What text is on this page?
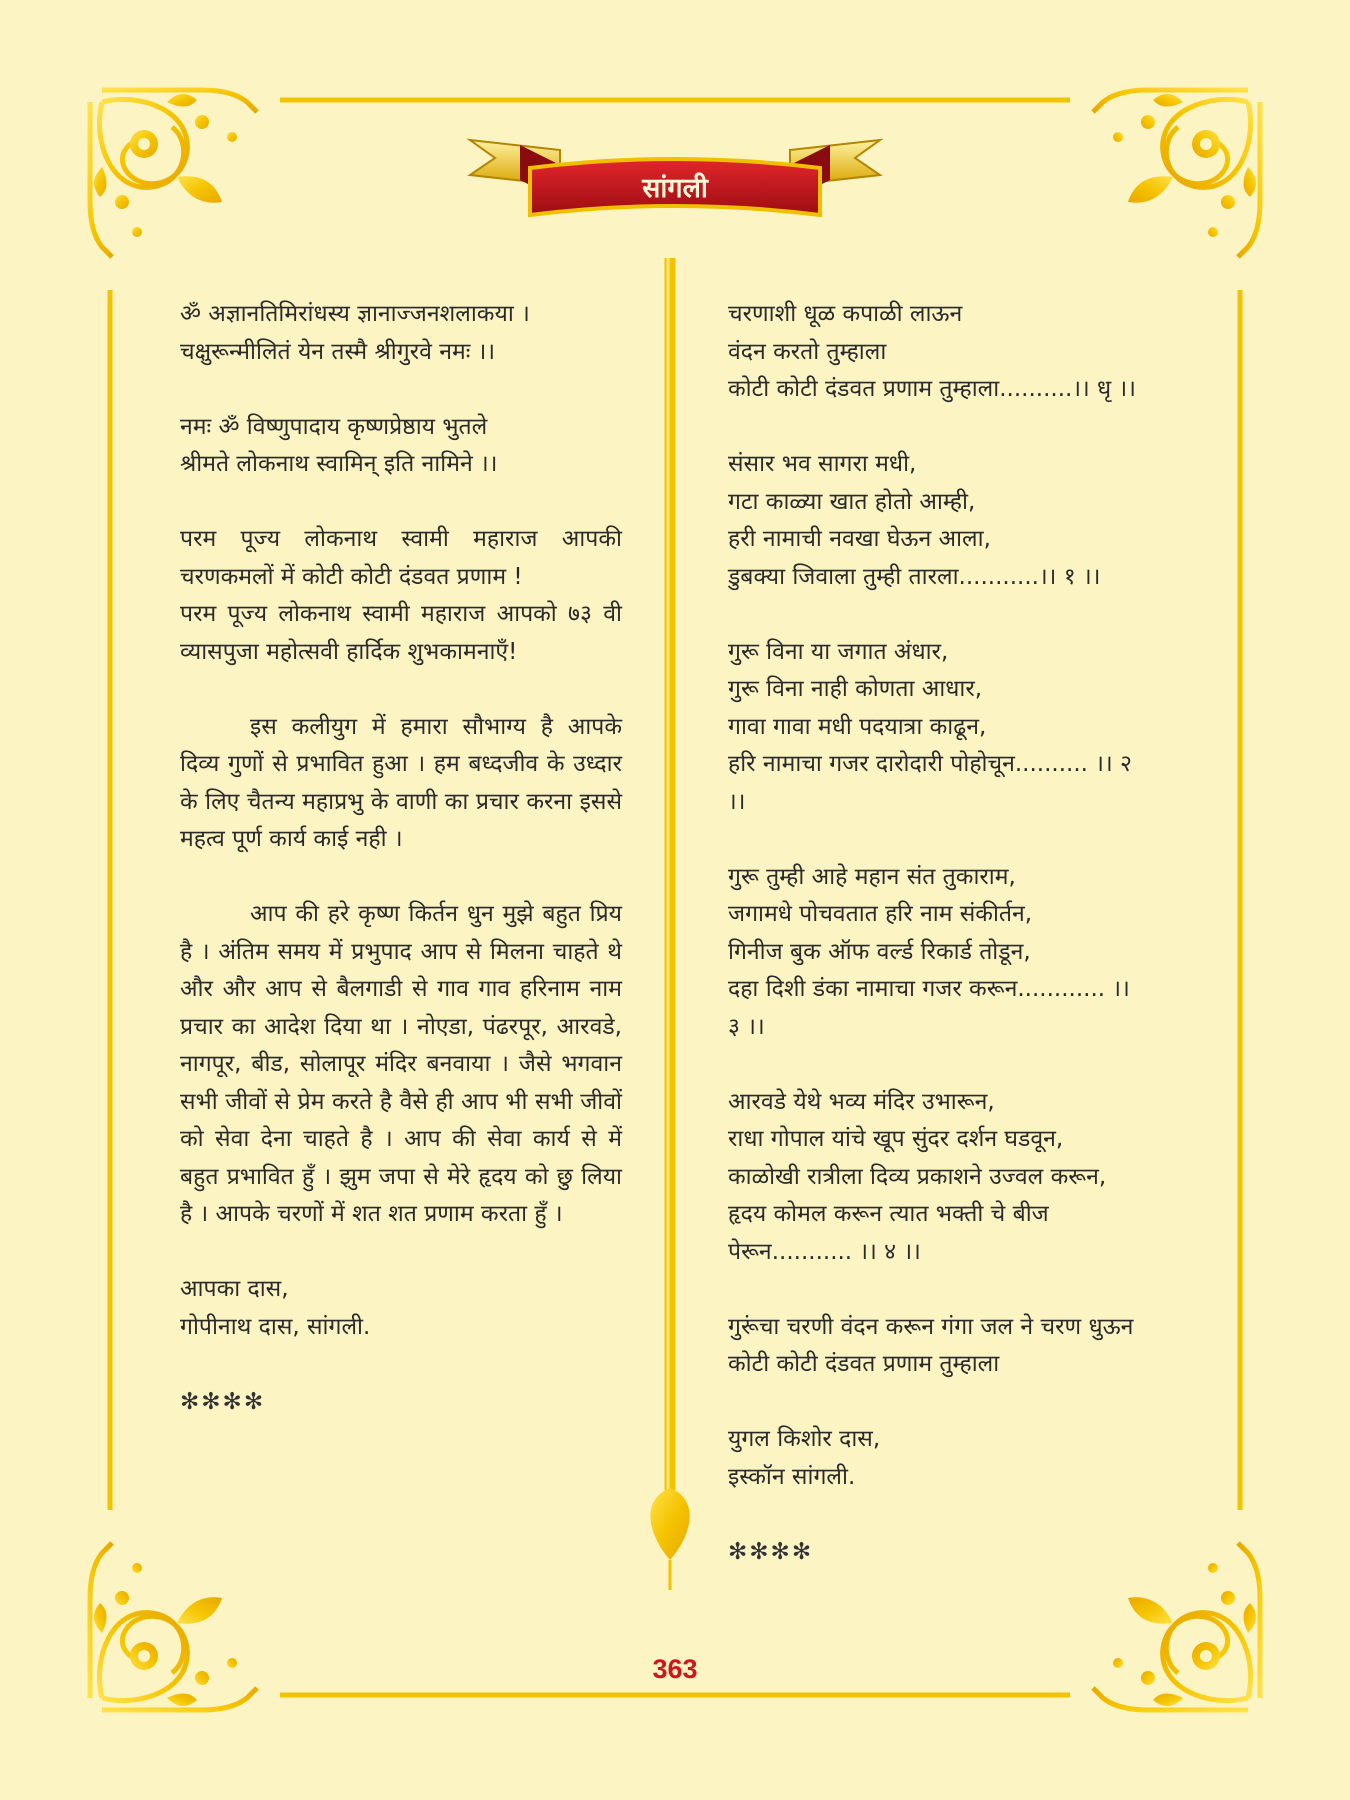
सांगली
ॐ अज्ञानतिमिरांधस्य ज्ञानाज्जनशलाकया ।
चक्षुरून्मीलितं येन तस्मै श्रीगुरवे नमः ।।
नमः ॐ विष्णुपादाय कृष्णप्रेष्ठाय भुतले
श्रीमते लोकनाथ स्वामिन् इति नामिने ।।

परम पूज्य लोकनाथ स्वामी महाराज आपकी चरणकमलों में कोटी कोटी दंडवत प्रणाम !

परम पूज्य लोकनाथ स्वामी महाराज आपको ७३ वी व्यासपुजा महोत्सवी हार्दिक शुभकामनाएँ!

इस कलीयुग में हमारा सौभाग्य है आपके दिव्य गुणों से प्रभावित हुआ । हम बध्दजीव के उध्दार के लिए चैतन्य महाप्रभु के वाणी का प्रचार करना इससे महत्व पूर्ण कार्य काई नही ।

आप की हरे कृष्ण किर्तन धुन मुझे बहुत प्रिय है । अंतिम समय में प्रभुपाद आप से मिलना चाहते थे और और आप से बैलगाडी से गाव गाव हरिनाम नाम प्रचार का आदेश दिया था । नोएडा, पंढरपूर, आरवडे, नागपूर, बीड, सोलापूर मंदिर बनवाया । जैसे भगवान सभी जीवों से प्रेम करते है वैसे ही आप भी सभी जीवों को सेवा देना चाहते है । आप की सेवा कार्य से में बहुत प्रभावित हुँ । झुम जपा से मेरे हृदय को छु लिया है । आपके चरणों में शत शत प्रणाम करता हुँ ।

आपका दास,
गोपीनाथ दास, सांगली.
✻✻✻✻
चरणाशी धूळ कपाळी लाऊन
वंदन करतो तुम्हाला
कोटी कोटी दंडवत प्रणाम तुम्हाला..........।। धृ ।।
संसार भव सागरा मधी,
गटा काळ्या खात होतो आम्ही,
हरी नामाची नवखा घेऊन आला,
डुबक्या जिवाला तुम्ही तारला...........।। १ ।।
गुरू विना या जगात अंधार,
गुरू विना नाही कोणता आधार,
गावा गावा मधी पदयात्रा काढून,
हरि नामाचा गजर दारोदारी पोहोचून.......... ।। २
।।
गुरू तुम्ही आहे महान संत तुकाराम,
जगामधे पोचवतात हरि नाम संकीर्तन,
गिनीज बुक ऑफ वर्ल्ड रिकार्ड तोडून,
दहा दिशी डंका नामाचा गजर करून............ ।।
३ ।।
आरवडे येथे भव्य मंदिर उभारून,
राधा गोपाल यांचे खूप सुंदर दर्शन घडवून,
काळोखी रात्रीला दिव्य प्रकाशने उज्वल करून,
हृदय कोमल करून त्यात भक्ती चे बीज
पेरून........... ।। ४ ।।
गुरूंचा चरणी वंदन करून गंगा जल ने चरण धुऊन
कोटी कोटी दंडवत प्रणाम तुम्हाला
युगल किशोर दास,
इस्कॉन सांगली.
✻✻✻✻
363
